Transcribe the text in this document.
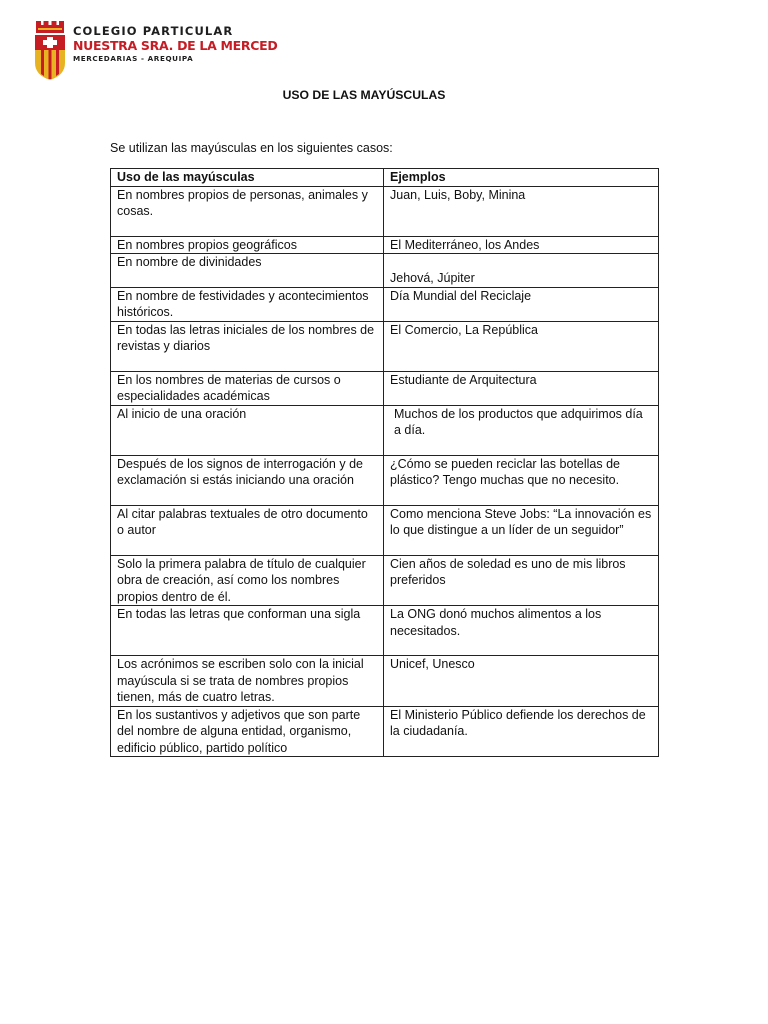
COLEGIO PARTICULAR
NUESTRA SRA. DE LA MERCED
MERCEDARIAS - AREQUIPA
USO DE LAS MAYÚSCULAS
Se utilizan las mayúsculas en los siguientes casos:
Uso de las mayúsculas	Ejemplos
En nombres propios de personas, animales y cosas.	Juan, Luis, Boby, Minina
En nombres propios geográficos	El Mediterráneo, los Andes
En nombre de divinidades	Jehová, Júpiter
En nombre de festividades y acontecimientos históricos.	Día Mundial del Reciclaje
En todas las letras iniciales de los nombres de revistas y diarios	El Comercio, La República
En los nombres de materias de cursos o especialidades académicas	Estudiante de Arquitectura
Al inicio de una oración	Muchos de los productos que adquirimos día a día.
Después de los signos de interrogación y de exclamación si estás iniciando una oración	¿Cómo se pueden reciclar las botellas de plástico? Tengo muchas que no necesito.
Al citar palabras textuales de otro documento o autor	Como menciona Steve Jobs: “La innovación es lo que distingue a un líder de un seguidor”
Solo la primera palabra de título de cualquier obra de creación, así como los nombres propios dentro de él.	Cien años de soledad es uno de mis libros preferidos
En todas las letras que conforman una sigla	La ONG donó muchos alimentos a los necesitados.
Los acrónimos se escriben solo con la inicial mayúscula si se trata de nombres propios tienen, más de cuatro letras.	Unicef, Unesco
En los sustantivos y adjetivos que son parte del nombre de alguna entidad, organismo, edificio público, partido político	El Ministerio Público defiende los derechos de la ciudadanía.
